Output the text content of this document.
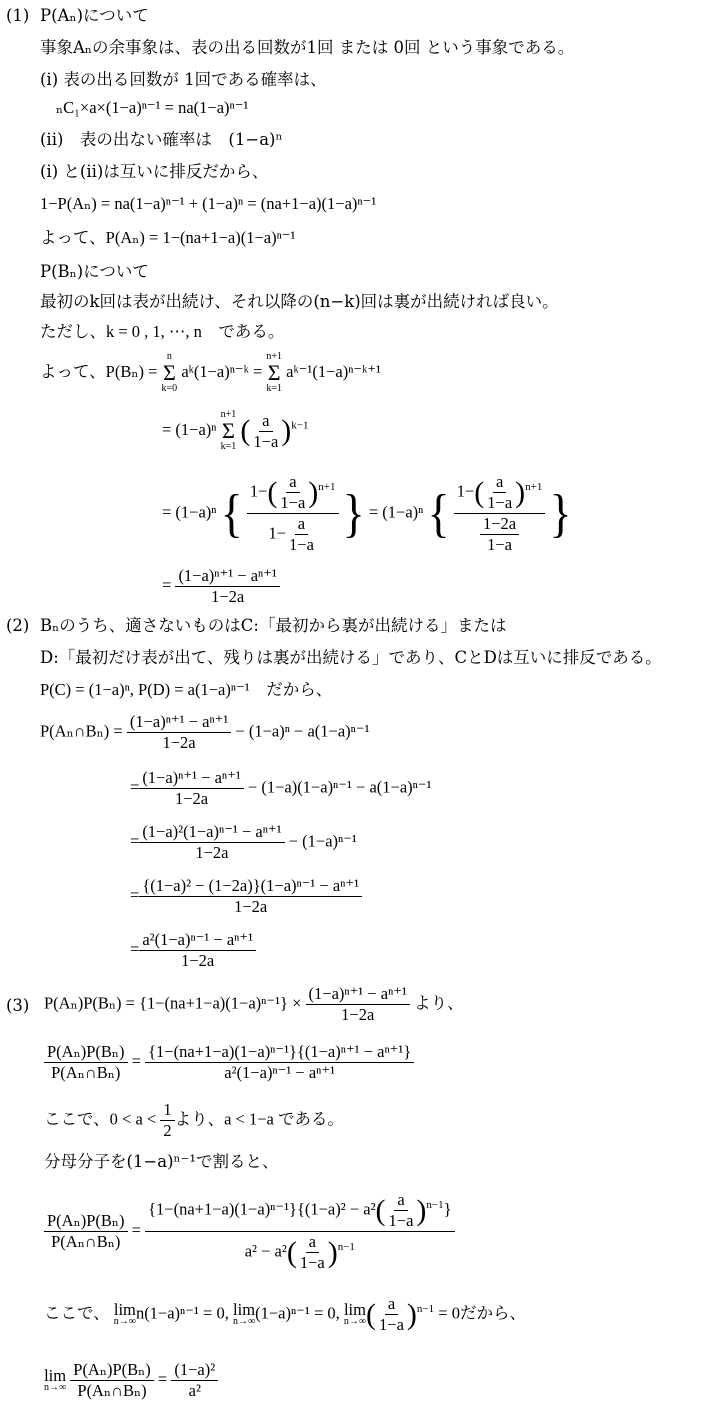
(1) P(Aₙ)について
事象Aₙの余事象は、表の出る回数が1回 または 0回 という事象である。
(i) 表の出る回数が 1回である確率は、
ₙC₁×a×(1−a)ⁿ⁻¹ = na(1−a)ⁿ⁻¹
(ii)　表の出ない確率は　(1−a)ⁿ
(i) と(ii)は互いに排反だから、
1−P(Aₙ) = na(1−a)ⁿ⁻¹ + (1−a)ⁿ = (na+1−a)(1−a)ⁿ⁻¹
よって、P(Aₙ) = 1−(na+1−a)(1−a)ⁿ⁻¹
P(Bₙ)について
最初のk回は表が出続け、それ以降の(n−k)回は裏が出続ければ良い。
ただし、k = 0 , 1, ⋯, n　である。
よって、P(Bₙ) =
n
Σ
k=0
aᵏ(1−a)ⁿ⁻ᵏ =
n+1
Σ
k=1
aᵏ⁻¹(1−a)ⁿ⁻ᵏ⁺¹
= (1−a)ⁿ
n+1
Σ
k=1 ( $\frac{a}{1-a} )^{k-1}$
= (1−a)ⁿ { $\frac{1-( \frac{a}{1-a} )^{n+1}}{1- \frac{a}{1-a}}$ } = (1−a)ⁿ { $\frac{1-( \frac{a}{1-a} )^{n+1}}{\frac{1-2a}{1-a}}$ }
= $\frac{\text{(1−a)ⁿ⁺¹ − aⁿ⁺¹}}{1-2a}$
(2) Bₙのうち、適さないものはC:「最初から裏が出続ける」または
D:「最初だけ表が出て、残りは裏が出続ける」であり、CとDは互いに排反である。
P(C) = (1−a)ⁿ, P(D) = a(1−a)ⁿ⁻¹　だから、
P(Aₙ∩Bₙ) = $\frac{\text{(1−a)ⁿ⁺¹ − aⁿ⁺¹}}{1-2a} - (1-a)^n - a(1-a)^{n-1}$
= $\frac{\text{(1−a)ⁿ⁺¹ − aⁿ⁺¹}}{1-2a} - (1-a)(1-a)^{n-1} - a(1-a)^{n-1}$
= $\frac{\text{(1−a)²(1−a)ⁿ⁻¹ − aⁿ⁺¹}}{1-2a} - (1-a)^{n-1}$
= $\frac{\text{\{(1−a)² − (1−2a)\}(1−a)ⁿ⁻¹ − aⁿ⁺¹}}{1-2a}$
= $\frac{\text{a²(1−a)ⁿ⁻¹ − aⁿ⁺¹}}{1-2a}$
(3) $P(A_n)P(B_n) = \{1-(na+1-a)(1-a)^{n-1}\} \times \frac{\text{(1−a)ⁿ⁺¹ − aⁿ⁺¹}}{1-2a}$ より、
$\frac{\text{P(Aₙ)P(Bₙ)}}{\text{P(Aₙ∩Bₙ)}} = \frac{\text{\{1−(na+1−a)(1−a)ⁿ⁻¹\}\{(1−a)ⁿ⁺¹ − aⁿ⁺¹\}}}{\text{a²(1−a)ⁿ⁻¹ − aⁿ⁺¹}}$
ここで、$0 < a < \frac{1}{2}$ より、a < 1−a である。
分母分子を(1−a)ⁿ⁻¹で割ると、
$\frac{\text{P(Aₙ)P(Bₙ)}}{\text{P(Aₙ∩Bₙ)}} = \frac{\{1-(na+1-a)(1-a)^{n-1}\}\{(1-a)^2 - a^2( \frac{a}{1-a} )^{n-1}\}}{a^2 - a^2( \frac{a}{1-a} )^{n-1}}$
ここで、 lim
n→∞ n(1−a)ⁿ⁻¹ = 0, lim
n→∞ (1−a)ⁿ⁻¹ = 0, lim
n→∞ ( $\frac{a}{1-a} )^{n-1} = 0$だから、
lim
n→∞
$\frac{\text{P(Aₙ)P(Bₙ)}}{\text{P(Aₙ∩Bₙ)}} = \frac{\text{(1−a)²}}{\text{a²}}$
